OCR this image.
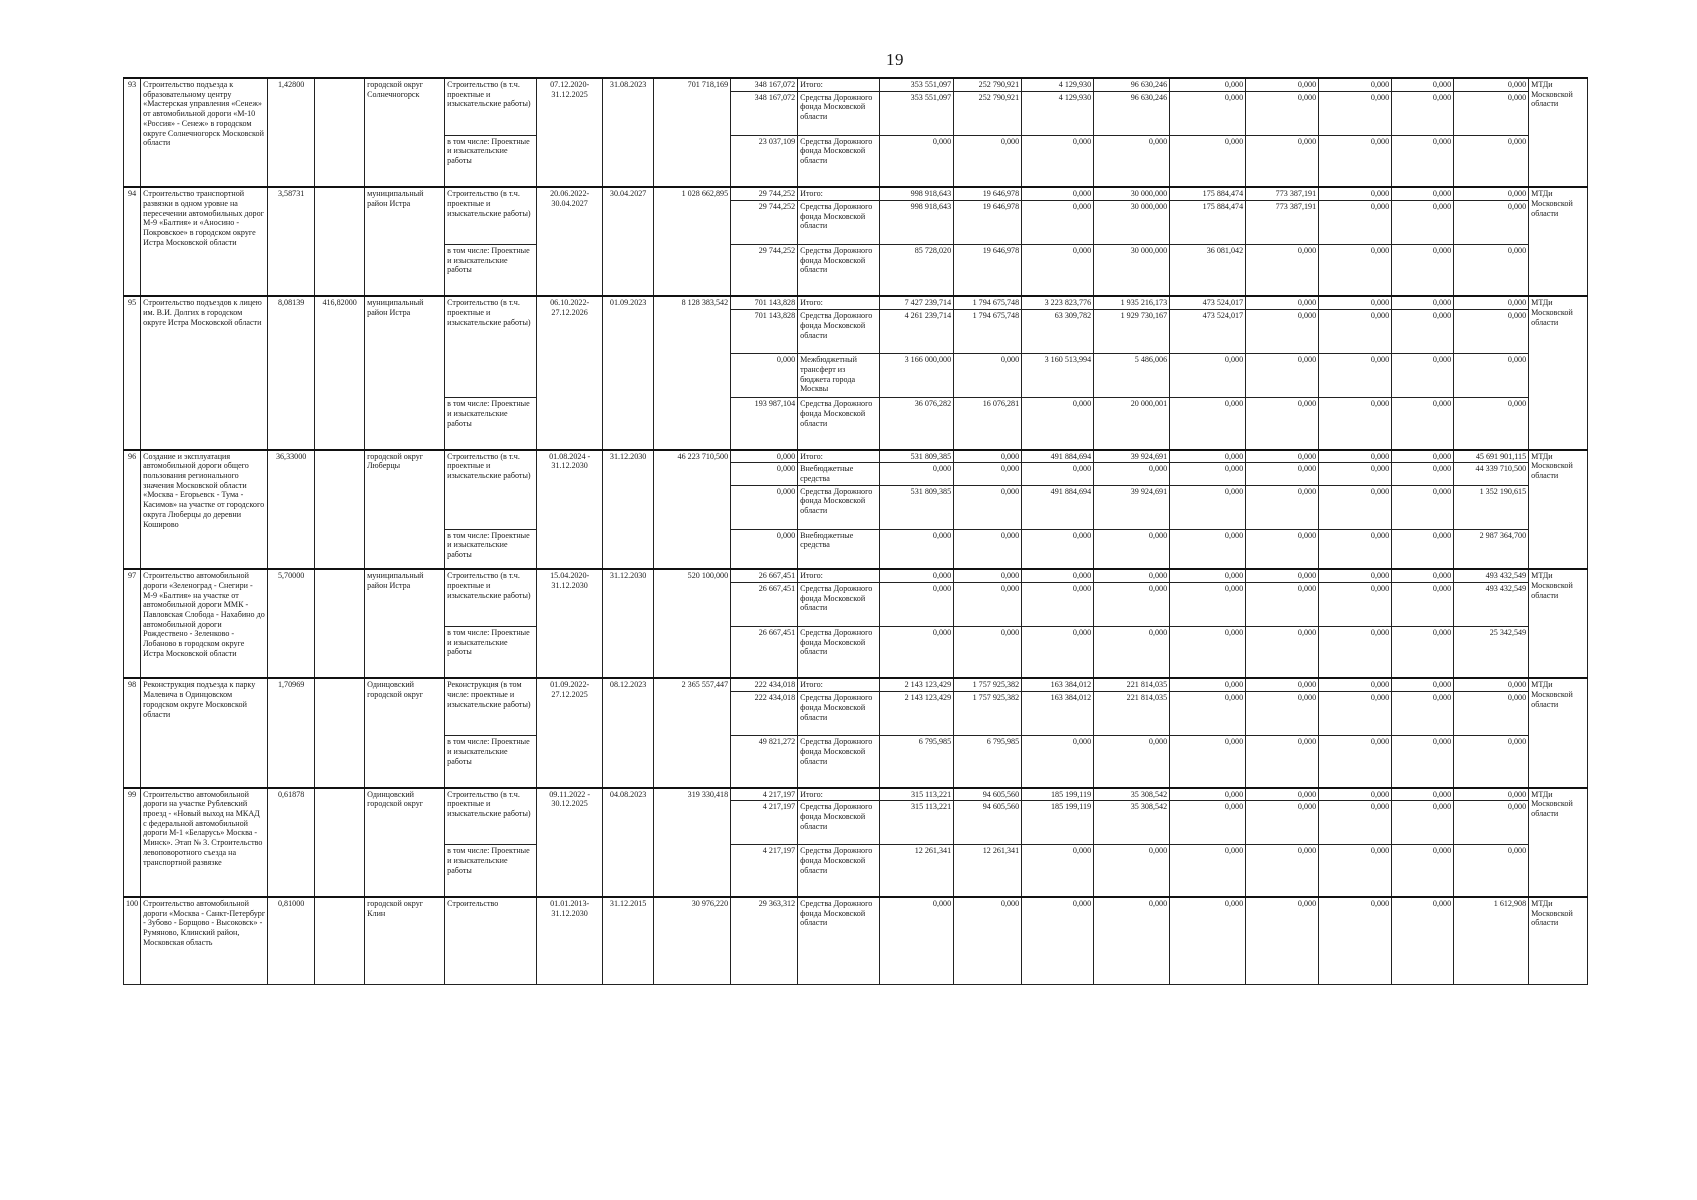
19
93	Строительство подъезда к образовательному центру «Мастерская управления «Сенеж» от автомобильной дороги «М-10 «Россия» - Сенеж» в городском округе Солнечногорск Московской области	1,42800		городской округ Солнечногорск	Строительство (в т.ч. проектные и изыскательские работы)	07.12.2020-31.12.2025	31.08.2023	701 718,169	348 167,072	Итого:	353 551,097	252 790,921	4 129,930	96 630,246	0,000	0,000	0,000	0,000	0,000	МТДи Московской области
									348 167,072	Средства Дорожного фонда Московской области	353 551,097	252 790,921	4 129,930	96 630,246	0,000	0,000	0,000	0,000	0,000	
					в том числе: Проектные и изыскательские работы				23 037,109	Средства Дорожного фонда Московской области	0,000	0,000	0,000	0,000	0,000	0,000	0,000	0,000	0,000	
94	Строительство транспортной развязки в одном уровне на пересечении автомобильных дорог М-9 «Балтия» и «Аносино - Покровское» в городском округе Истра Московской области	3,58731		муниципальный район Истра	Строительство (в т.ч. проектные и изыскательские работы)	20.06.2022-30.04.2027	30.04.2027	1 028 662,895	29 744,252	Итого:	998 918,643	19 646,978	0,000	30 000,000	175 884,474	773 387,191	0,000	0,000	0,000	МТДи Московской области
									29 744,252	Средства Дорожного фонда Московской области	998 918,643	19 646,978	0,000	30 000,000	175 884,474	773 387,191	0,000	0,000	0,000	
					в том числе: Проектные и изыскательские работы				29 744,252	Средства Дорожного фонда Московской области	85 728,020	19 646,978	0,000	30 000,000	36 081,042	0,000	0,000	0,000	0,000	
95	Строительство подъездов к лицею им. В.И. Долгих в городском округе Истра Московской области	8,08139	416,82000	муниципальный район Истра	Строительство (в т.ч. проектные и изыскательские работы)	06.10.2022-27.12.2026	01.09.2023	8 128 383,542	701 143,828	Итого:	7 427 239,714	1 794 675,748	3 223 823,776	1 935 216,173	473 524,017	0,000	0,000	0,000	0,000	МТДи Московской области
									701 143,828	Средства Дорожного фонда Московской области	4 261 239,714	1 794 675,748	63 309,782	1 929 730,167	473 524,017	0,000	0,000	0,000	0,000	
									0,000	Межбюджетный трансферт из бюджета города Москвы	3 166 000,000	0,000	3 160 513,994	5 486,006	0,000	0,000	0,000	0,000	0,000	
					в том числе: Проектные и изыскательские работы				193 987,104	Средства Дорожного фонда Московской области	36 076,282	16 076,281	0,000	20 000,001	0,000	0,000	0,000	0,000	0,000	
96	Создание и эксплуатация автомобильной дороги общего пользования регионального значения Московской области «Москва - Егорьевск - Тума - Касимов» на участке от городского округа Люберцы до деревни Коширово	36,33000		городской округ Люберцы	Строительство (в т.ч. проектные и изыскательские работы)	01.08.2024 - 31.12.2030	31.12.2030	46 223 710,500	0,000	Итого:	531 809,385	0,000	491 884,694	39 924,691	0,000	0,000	0,000	0,000	45 691 901,115	МТДи Московской области
									0,000	Внебюджетные средства	0,000	0,000	0,000	0,000	0,000	0,000	0,000	0,000	44 339 710,500	
									0,000	Средства Дорожного фонда Московской области	531 809,385	0,000	491 884,694	39 924,691	0,000	0,000	0,000	0,000	1 352 190,615	
					в том числе: Проектные и изыскательские работы				0,000	Внебюджетные средства	0,000	0,000	0,000	0,000	0,000	0,000	0,000	0,000	2 987 364,700	
97	Строительство автомобильной дороги «Зеленоград - Снегири - М-9 «Балтия» на участке от автомобильной дороги ММК - Павловская Слобода - Нахабино до автомобильной дороги Рождествено - Зеленково - Лобаново в городском округе Истра Московской области	5,70000		муниципальный район Истра	Строительство (в т.ч. проектные и изыскательские работы)	15.04.2020-31.12.2030	31.12.2030	520 100,000	26 667,451	Итого:	0,000	0,000	0,000	0,000	0,000	0,000	0,000	0,000	493 432,549	МТДи Московской области
									26 667,451	Средства Дорожного фонда Московской области	0,000	0,000	0,000	0,000	0,000	0,000	0,000	0,000	493 432,549	
					в том числе: Проектные и изыскательские работы				26 667,451	Средства Дорожного фонда Московской области	0,000	0,000	0,000	0,000	0,000	0,000	0,000	0,000	25 342,549	
98	Реконструкция подъезда к парку Малевича в Одинцовском городском округе Московской области	1,70969		Одинцовский городской округ	Реконструкция (в том числе: проектные и изыскательские работы)	01.09.2022-27.12.2025	08.12.2023	2 365 557,447	222 434,018	Итого:	2 143 123,429	1 757 925,382	163 384,012	221 814,035	0,000	0,000	0,000	0,000	0,000	МТДи Московской области
									222 434,018	Средства Дорожного фонда Московской области	2 143 123,429	1 757 925,382	163 384,012	221 814,035	0,000	0,000	0,000	0,000	0,000	
					в том числе: Проектные и изыскательские работы				49 821,272	Средства Дорожного фонда Московской области	6 795,985	6 795,985	0,000	0,000	0,000	0,000	0,000	0,000	0,000	
99	Строительство автомобильной дороги на участке Рублевский проезд - «Новый выход на МКАД с федеральной автомобильной дороги М-1 «Беларусь» Москва - Минск». Этап № 3. Строительство левоповоротного съезда на транспортной развязке	0,61878		Одинцовский городской округ	Строительство (в т.ч. проектные и изыскательские работы)	09.11.2022 - 30.12.2025	04.08.2023	319 330,418	4 217,197	Итого:	315 113,221	94 605,560	185 199,119	35 308,542	0,000	0,000	0,000	0,000	0,000	МТДи Московской области
									4 217,197	Средства Дорожного фонда Московской области	315 113,221	94 605,560	185 199,119	35 308,542	0,000	0,000	0,000	0,000	0,000	
					в том числе: Проектные и изыскательские работы				4 217,197	Средства Дорожного фонда Московской области	12 261,341	12 261,341	0,000	0,000	0,000	0,000	0,000	0,000	0,000	
100	Строительство автомобильной дороги «Москва - Санкт-Петербург - Зубово - Борщово - Высоковск» - Румяново, Клинский район, Московская область	0,81000		городской округ Клин	Строительство	01.01.2013-31.12.2030	31.12.2015	30 976,220	29 363,312	Средства Дорожного фонда Московской области	0,000	0,000	0,000	0,000	0,000	0,000	0,000	0,000	1 612,908	МТДи Московской области
